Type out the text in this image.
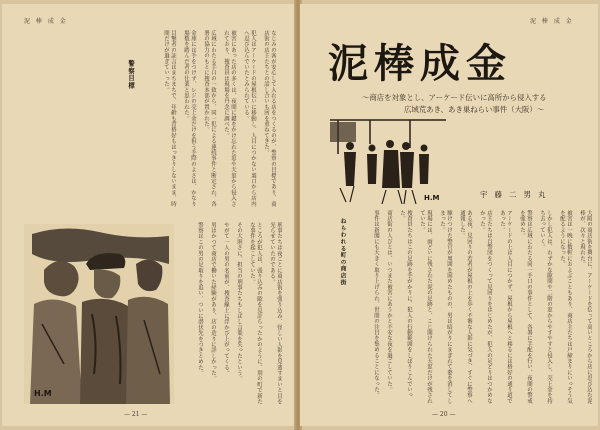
泥 棒 成 金

なじみの客が安心して入れる店をつくるのが、警察の目標であり、商店街の店主たちとの話し合いも回を重ねてきた。

犯人はアーケードの屋根伝いに移動し、人目につかない裏口から店内へ忍び込んでいたとみられている。

被害にあった店の多くは、夜間に鍵をかけ忘れた窓や天窓から侵入されており、捜査員は現場を丹念に調べた。

広域にわたる手口の一致から、同一犯による連続事件と断定され、各署の協力のもとに捜査本部が置かれた。

金庫には手をつけず、レジの売上金だけを狙う手際のよさは、かなり場数を踏んだ者の仕業と思われた。

目撃者の証言はまちまちで、年齢も背格好もはっきりしないまま、時間だけが過ぎていった。

警察目標

刑事たちは夜ごとに商店街を張り込み、怪しい人影を見逃すまいと目を光らせていたのである。

ところが犯人は、張り込みの隙を見計らったかのように、別の町で新たな事件を起こしていた。

その大胆さに、担当の刑事たちもしばし言葉を失ったという。

やがて一人の男の名前が、捜査線上に浮かび上がってくる。

男はかつて商店で働いた経験があり、店の造りに詳しかった。

警察はこの男の足取りを追い、ついに潜伏先をつきとめた。

H.M
— 21 —
泥 棒 成 金
泥棒成金
〜商店を対象とし、アーケード伝いに高所から侵入する
広域荒あき、あき巣ねらい事件（大阪）〜
H.M	宇藤二男丸
ねらわれる町の商店街	大阪の商店街を舞台に、アーケードを伝って高いところから店に忍び込む泥棒が、次々と現れた。

被害は一晩に数軒におよぶこともあり、商店主たちは戸締まりにいっそう気を配るようになった。

しかし犯人は、わずかな隙間や二階の窓からやすやすと侵入し、売上金を持ち去っていく。

警察は広域にわたる同一手口の事件として、各署に手配を行い、夜間の警戒を強めた。

アーケードの上は人目につかず、屋根から屋根へと移るには格好の通り道であった。

店主たちは自警団をつくって見回りをはじめたが、犯人の足どりはつかめなかった。

ある夜、見回りの若者が屋根の上を歩く不審な人影に気づき、すぐに警察へ通報した。

駆けつけた警官が周囲を固めたものの、男は暗がりにまぎれて姿を消してしまった。

現場には、雨どいに残された泥の足跡と、こじ開けられた天窓だけが残されていた。

捜査員たちはこの足跡を手がかりに、犯人の行動範囲をしぼりこんでいった。

商店街の人びとは、いつまた被害にあうかと不安な夜を過ごしていた。

事件は新聞にも大きく取り上げられ、世間の注目を集めることになった。

— 20 —
